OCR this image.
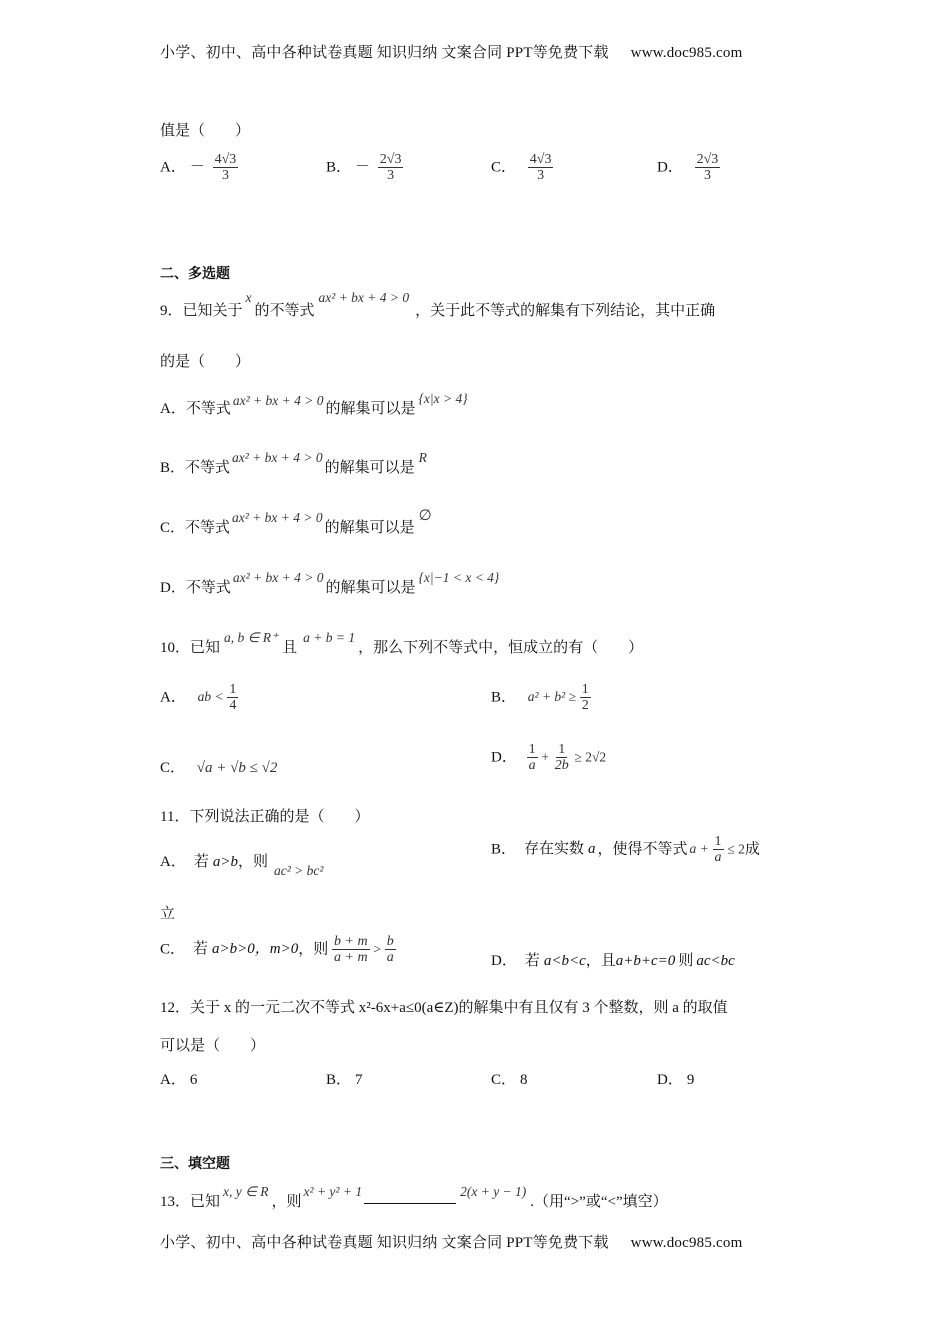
小学、初中、高中各种试卷真题 知识归纳 文案合同 PPT等免费下载 www.doc985.com
值是（　　）
A． － $\frac{4√3}{3}$	B． － $\frac{2√3}{3}$	C． $\frac{4√3}{3}$	D． $\frac{2√3}{3}$
二、多选题
9．已知关于x的不等式ax² + bx + 4 > 0，关于此不等式的解集有下列结论，其中正确
的是（　　）
A．不等式ax² + bx + 4 > 0的解集可以是{x|x > 4}
B．不等式ax² + bx + 4 > 0的解集可以是R
C．不等式ax² + bx + 4 > 0的解集可以是∅
D．不等式ax² + bx + 4 > 0的解集可以是{x|−1 < x < 4}
10．已知a, b ∈ R⁺且a + b = 1，那么下列不等式中，恒成立的有（　　）
A． ab < $\frac{1}{4}$	B． $a^2 + b^2 \ge \frac{1}{2}$
C． √a + √b ≤ √2
D． $\frac{1}{a} + \frac{1}{2b} \ge 2√2$
11．下列说法正确的是（　　）
A． 若 a>b，则ac² > bc²
B． 存在实数 a ，使得不等式 $a + \frac{1}{a} \le 2$成
立
C． 若 a>b>0，m>0，则 $\frac{b + m}{a + m} > \frac{b}{a}$	D． 若 a<b<c，且a+b+c=0 则 ac<bc
12．关于 x 的一元二次不等式 x²-6x+a≤0(a∈Z)的解集中有且仅有 3 个整数，则 a 的取值
可以是（　　）
A． 6	B． 7	C． 8	D． 9
三、填空题
13．已知x, y ∈ R，则x² + y² + 1	2(x + y − 1).（用“>”或“<”填空）
小学、初中、高中各种试卷真题 知识归纳 文案合同 PPT等免费下载 www.doc985.com
